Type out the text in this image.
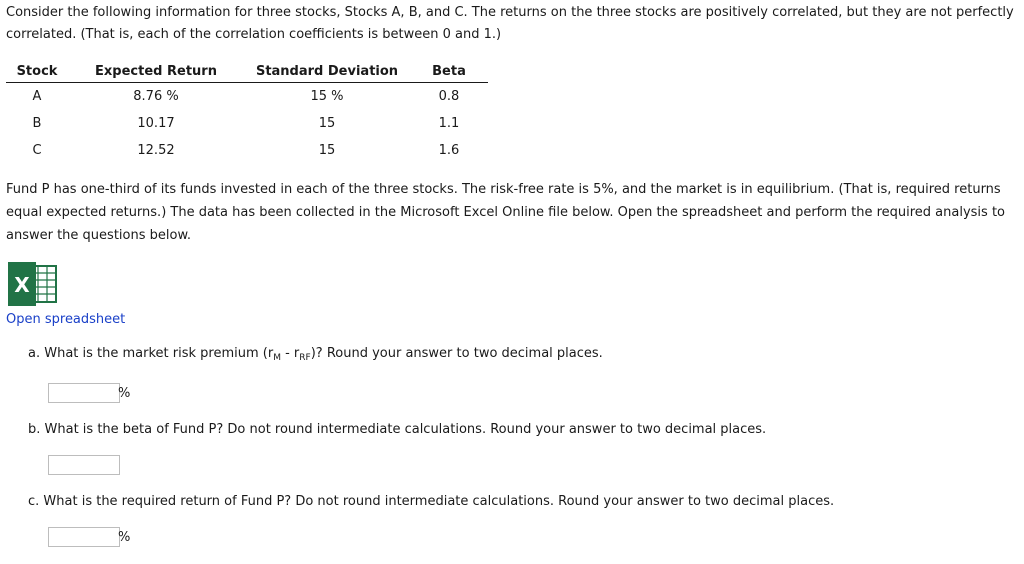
Consider the following information for three stocks, Stocks A, B, and C. The returns on the three stocks are positively correlated, but they are not perfectly correlated. (That is, each of the correlation coefficients is between 0 and 1.)

Stock	Expected Return	Standard Deviation	Beta
A	8.76 %	15 %	0.8
B	10.17	15	1.1
C	12.52	15	1.6

Fund P has one-third of its funds invested in each of the three stocks. The risk-free rate is 5%, and the market is in equilibrium. (That is, required returns equal expected returns.) The data has been collected in the Microsoft Excel Online file below. Open the spreadsheet and perform the required analysis to answer the questions below.

X
Open spreadsheet

a. What is the market risk premium $(r_M - r_{RF})$? Round your answer to two decimal places.

%

b. What is the beta of Fund P? Do not round intermediate calculations. Round your answer to two decimal places.

c. What is the required return of Fund P? Do not round intermediate calculations. Round your answer to two decimal places.

%
